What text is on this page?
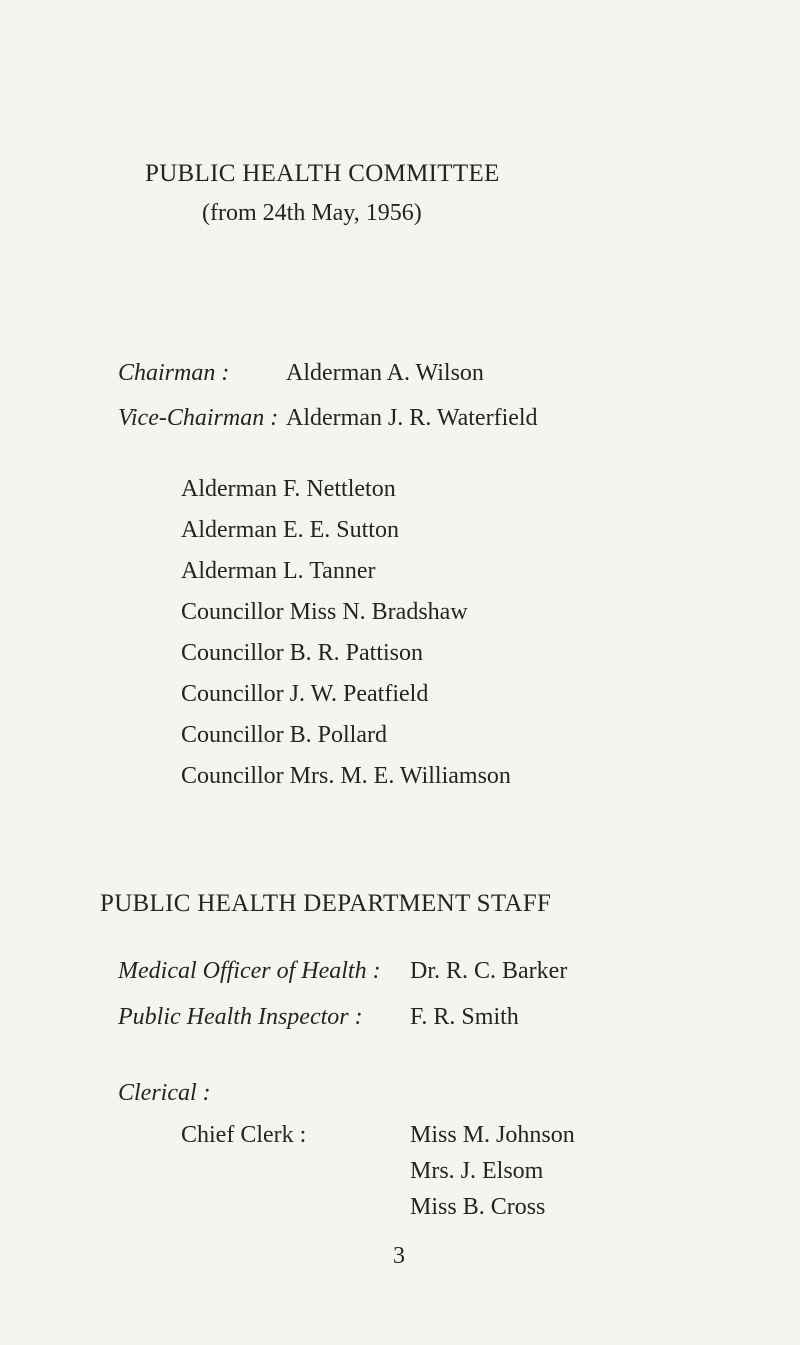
PUBLIC HEALTH COMMITTEE
(from 24th May, 1956)
Chairman : Alderman A. Wilson
Vice-Chairman : Alderman J. R. Waterfield
Alderman F. Nettleton
Alderman E. E. Sutton
Alderman L. Tanner
Councillor Miss N. Bradshaw
Councillor B. R. Pattison
Councillor J. W. Peatfield
Councillor B. Pollard
Councillor Mrs. M. E. Williamson
PUBLIC HEALTH DEPARTMENT STAFF
Medical Officer of Health : Dr. R. C. Barker
Public Health Inspector : F. R. Smith
Clerical :
Chief Clerk :	Miss M. Johnson
Mrs. J. Elsom
Miss B. Cross
3
